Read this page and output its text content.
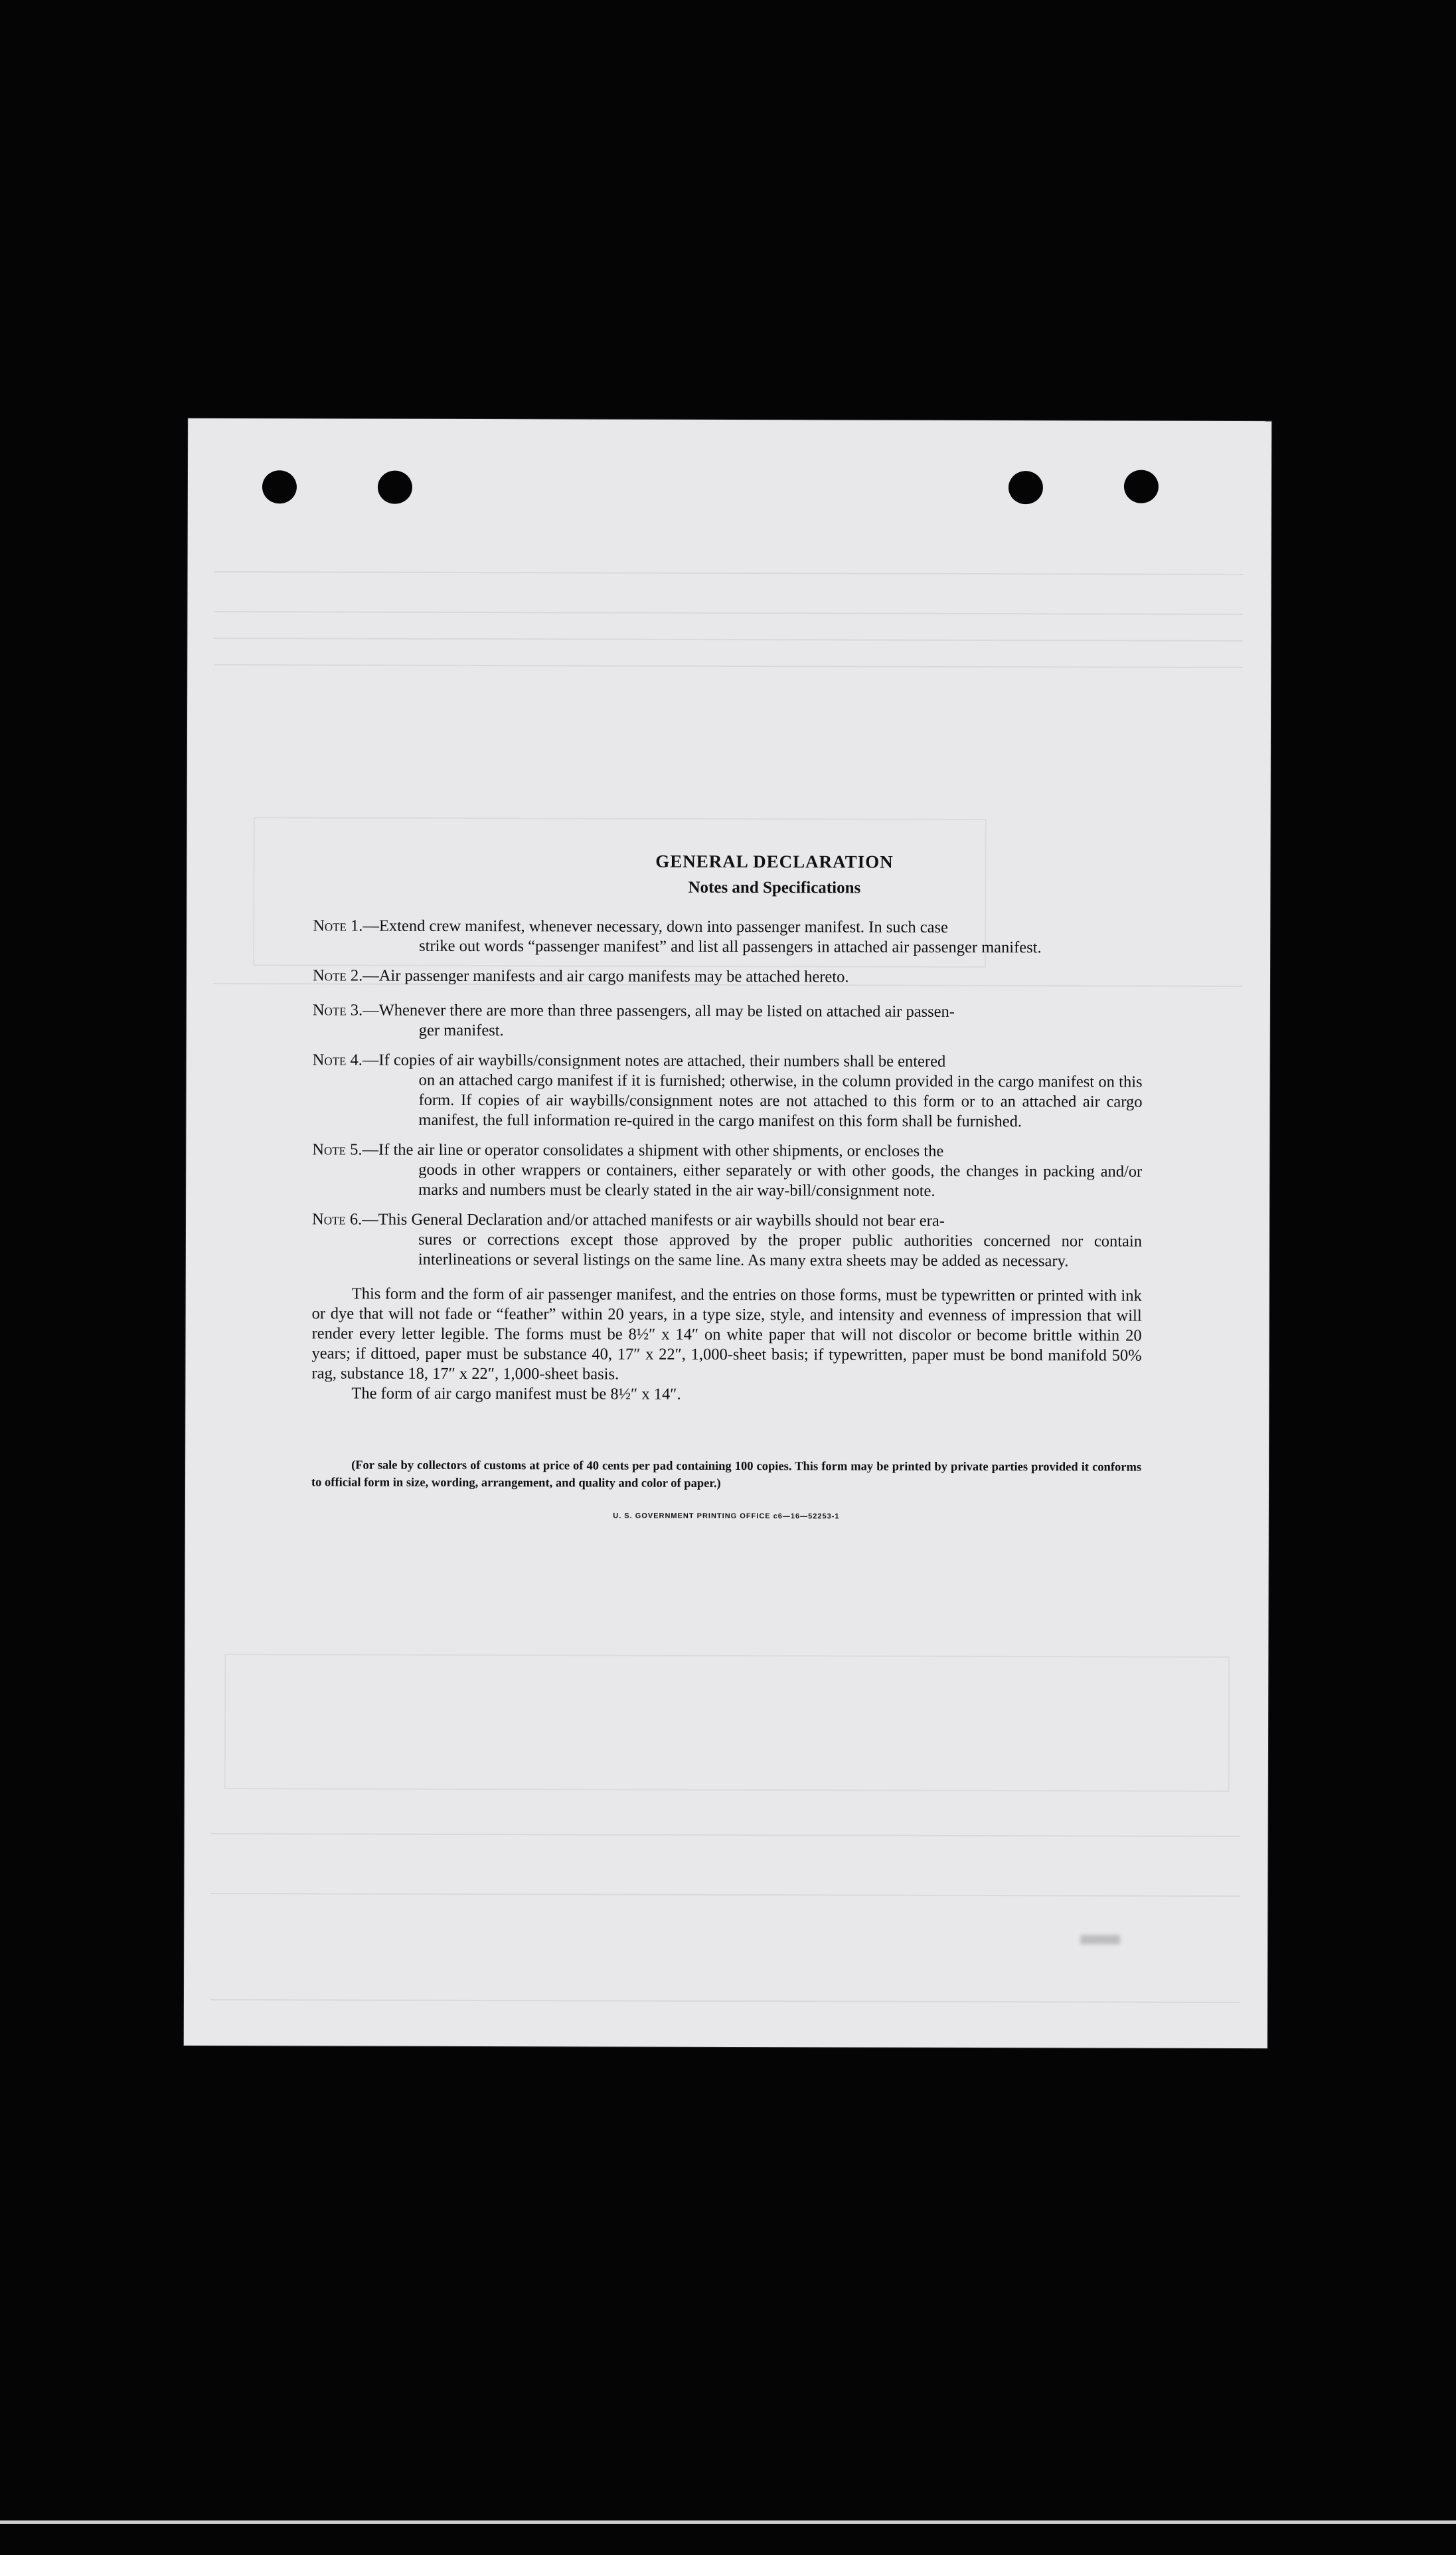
GENERAL DECLARATION
Notes and Specifications
Note 1.—Extend crew manifest, whenever necessary, down into passenger manifest. In such case
strike out words “passenger manifest” and list all passengers in attached air passenger manifest.
Note 2.—Air passenger manifests and air cargo manifests may be attached hereto.
Note 3.—Whenever there are more than three passengers, all may be listed on attached air passen-
ger manifest.
Note 4.—If copies of air waybills/consignment notes are attached, their numbers shall be entered
on an attached cargo manifest if it is furnished; otherwise, in the column provided in the cargo manifest on this form. If copies of air waybills/consignment notes are not attached to this form or to an attached air cargo manifest, the full information re-quired in the cargo manifest on this form shall be furnished.
Note 5.—If the air line or operator consolidates a shipment with other shipments, or encloses the
goods in other wrappers or containers, either separately or with other goods, the changes in packing and/or marks and numbers must be clearly stated in the air way-bill/consignment note.
Note 6.—This General Declaration and/or attached manifests or air waybills should not bear era-
sures or corrections except those approved by the proper public authorities concerned nor contain interlineations or several listings on the same line. As many extra sheets may be added as necessary.
This form and the form of air passenger manifest, and the entries on those forms, must be typewritten or printed with ink or dye that will not fade or “feather” within 20 years, in a type size, style, and intensity and evenness of impression that will render every letter legible. The forms must be 8½″ x 14″ on white paper that will not discolor or become brittle within 20 years; if dittoed, paper must be substance 40, 17″ x 22″, 1,000-sheet basis; if typewritten, paper must be bond manifold 50% rag, substance 18, 17″ x 22″, 1,000-sheet basis.
The form of air cargo manifest must be 8½″ x 14″.
(For sale by collectors of customs at price of 40 cents per pad containing 100 copies. This form may be printed by private parties provided it conforms to official form in size, wording, arrangement, and quality and color of paper.)
U. S. GOVERNMENT PRINTING OFFICE c6—16—52253-1
